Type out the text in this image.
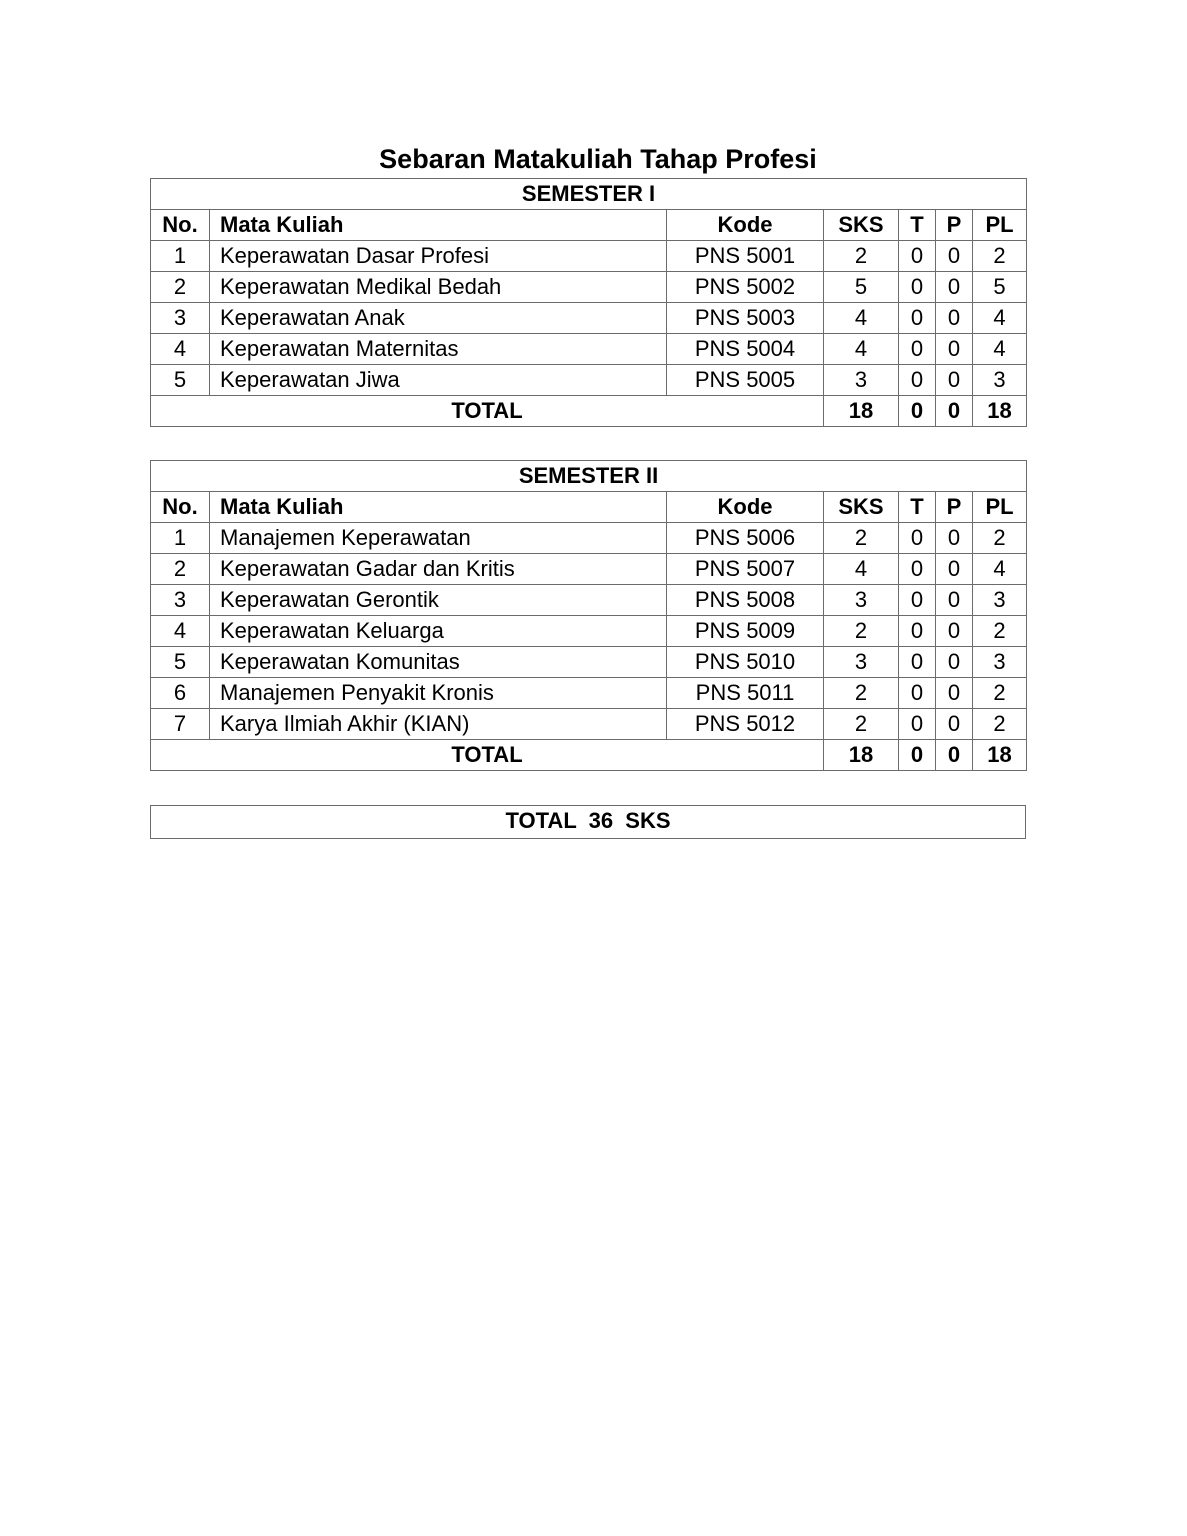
Sebaran Matakuliah Tahap Profesi
SEMESTER I						
No.	Mata Kuliah	Kode	SKS	T	P	PL
1	Keperawatan Dasar Profesi	PNS 5001	2	0	0	2
2	Keperawatan Medikal Bedah	PNS 5002	5	0	0	5
3	Keperawatan Anak	PNS 5003	4	0	0	4
4	Keperawatan Maternitas	PNS 5004	4	0	0	4
5	Keperawatan Jiwa	PNS 5005	3	0	0	3
TOTAL			18	0	0	18
SEMESTER II						
No.	Mata Kuliah	Kode	SKS	T	P	PL
1	Manajemen Keperawatan	PNS 5006	2	0	0	2
2	Keperawatan Gadar dan Kritis	PNS 5007	4	0	0	4
3	Keperawatan Gerontik	PNS 5008	3	0	0	3
4	Keperawatan Keluarga	PNS 5009	2	0	0	2
5	Keperawatan Komunitas	PNS 5010	3	0	0	3
6	Manajemen Penyakit Kronis	PNS 5011	2	0	0	2
7	Karya Ilmiah Akhir (KIAN)	PNS 5012	2	0	0	2
TOTAL			18	0	0	18
TOTAL  36  SKS
